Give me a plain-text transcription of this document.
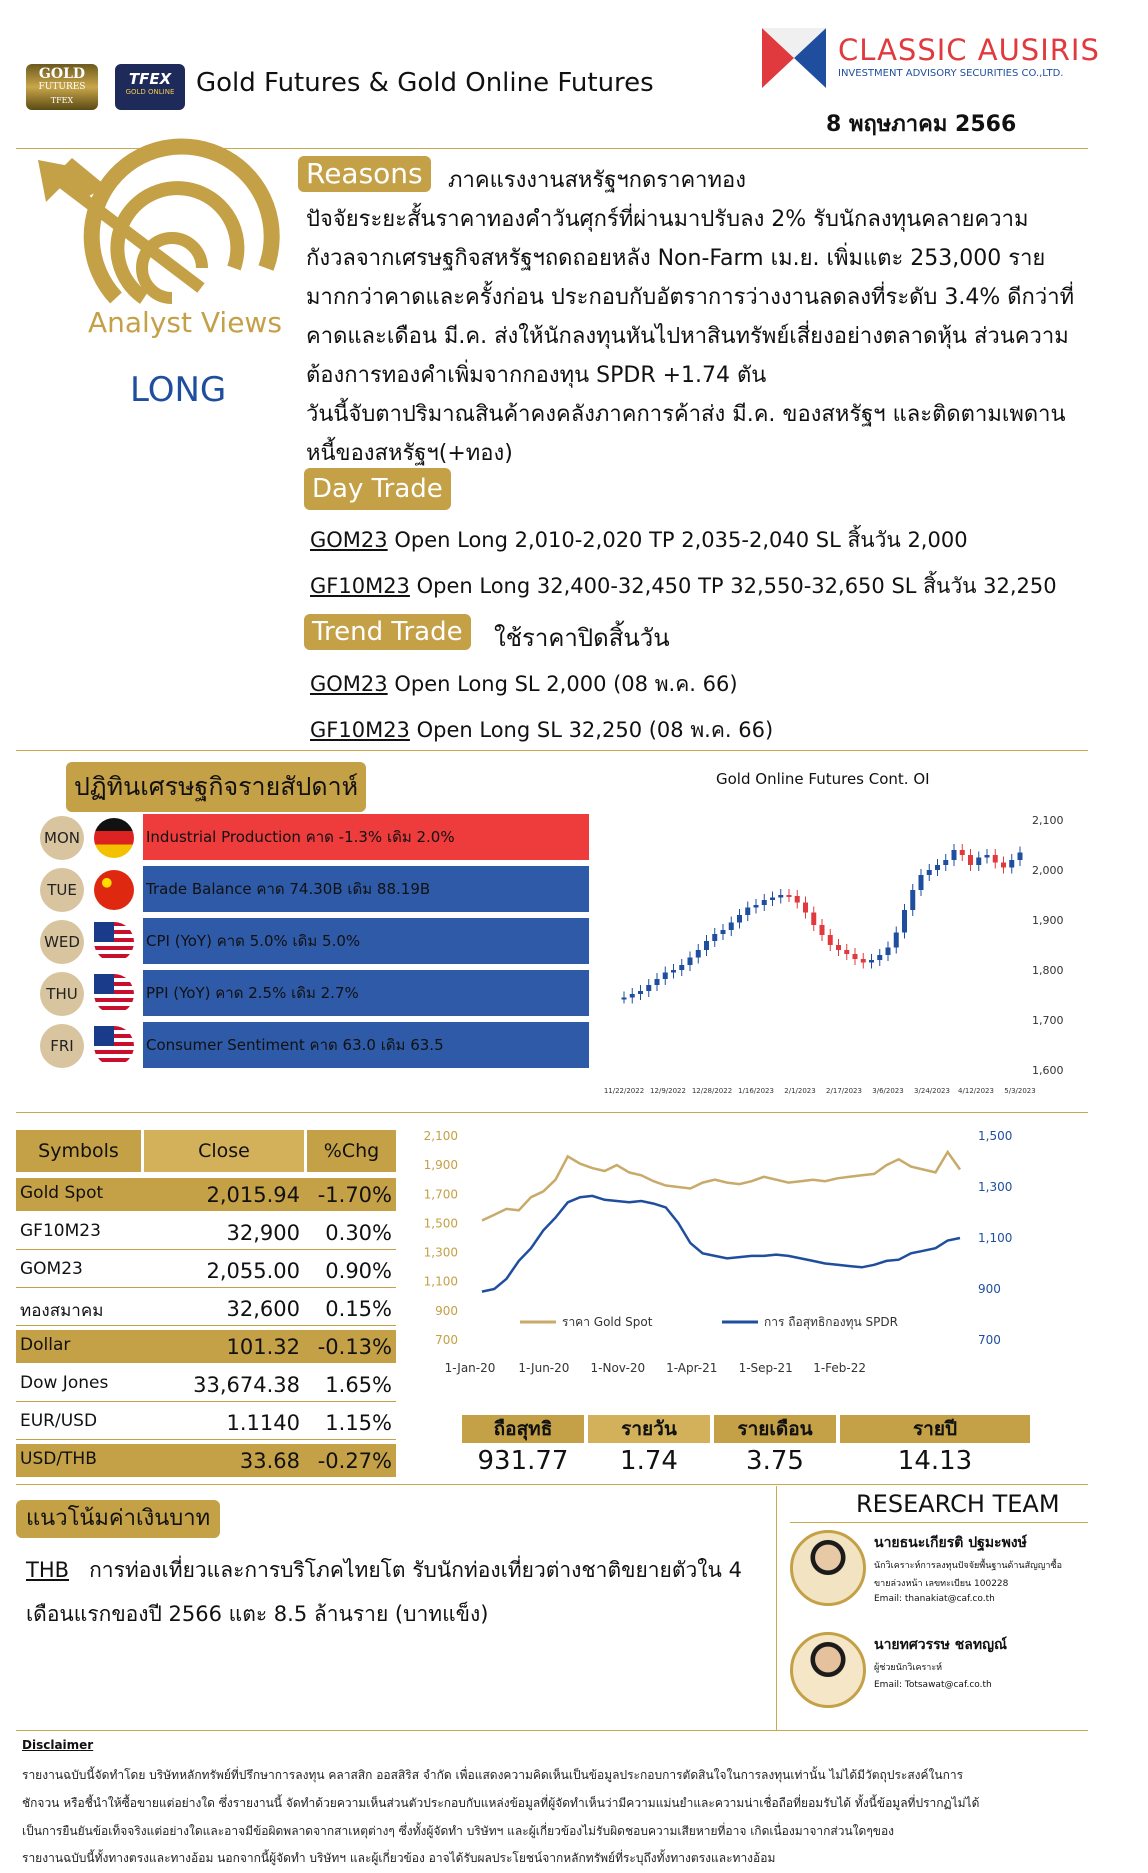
GOLD
FUTURES
TFEX
TFEX
GOLD ONLINE Gold Futures & Gold Online Futures
CLASSIC AUSIRIS
INVESTMENT ADVISORY SECURITIES CO.,LTD.
8 พฤษภาคม 2566
Analyst Views
LONG
Reasons	ภาคแรงงานสหรัฐฯกดราคาทอง
ปัจจัยระยะสั้นราคาทองคำวันศุกร์ที่ผ่านมาปรับลง 2% รับนักลงทุนคลายความ
กังวลจากเศรษฐกิจสหรัฐฯถดถอยหลัง Non-Farm เม.ย. เพิ่มแตะ 253,000 ราย
มากกว่าคาดและครั้งก่อน ประกอบกับอัตราการว่างงานลดลงที่ระดับ 3.4% ดีกว่าที่
คาดและเดือน มี.ค. ส่งให้นักลงทุนหันไปหาสินทรัพย์เสี่ยงอย่างตลาดหุ้น ส่วนความ
ต้องการทองคำเพิ่มจากกองทุน SPDR +1.74 ตัน
วันนี้จับตาปริมาณสินค้าคงคลังภาคการค้าส่ง มี.ค. ของสหรัฐฯ และติดตามเพดาน
หนี้ของสหรัฐฯ(+ทอง)
Day Trade
GOM23 Open Long 2,010-2,020 TP 2,035-2,040 SL สิ้นวัน 2,000
GF10M23 Open Long 32,400-32,450 TP 32,550-32,650 SL สิ้นวัน 32,250
Trend Trade	ใช้ราคาปิดสิ้นวัน
GOM23 Open Long SL 2,000 (08 พ.ค. 66)
GF10M23 Open Long SL 32,250 (08 พ.ค. 66)
ปฏิทินเศรษฐกิจรายสัปดาห์
MON	Industrial Production คาด -1.3% เดิม 2.0%
TUE	Trade Balance คาด 74.30B เดิม 88.19B
WED	CPI (YoY) คาด 5.0% เดิม 5.0%
THU	PPI (YoY) คาด 2.5% เดิม 2.7%
FRI	Consumer Sentiment คาด 63.0 เดิม 63.5
Gold Online Futures Cont. OI
2,100
2,000
1,900
1,800
1,700
1,600
11/22/2022 12/9/2022 12/28/2022 1/16/2023 2/1/2023 2/17/2023 3/6/2023 3/24/2023 4/12/2023 5/3/2023
Symbols	Close	%Chg
Gold Spot	2,015.94 -1.70%
GF10M23	32,900 0.30%
GOM23	2,055.00 0.90%
ทองสมาคม	32,600 0.15%
Dollar	101.32 -0.13%
Dow Jones	33,674.38 1.65%
EUR/USD	1.1140 1.15%
USD/THB	33.68 -0.27%
2,100
1,900
1,700
1,500
1,300
1,100
900
700
1,500
1,300
1,100
900
700
1-Jan-20 1-Jun-20 1-Nov-20 1-Apr-21 1-Sep-21 1-Feb-22
ราคา Gold Spot	การ ถือสุทธิกองทุน SPDR
ถือสุทธิ	รายวัน	รายเดือน	รายปี
931.77	1.74	3.75	14.13
แนวโน้มค่าเงินบาท
THB การท่องเที่ยวและการบริโภคไทยโต รับนักท่องเที่ยวต่างชาติขยายตัวใน 4
เดือนแรกของปี 2566 แตะ 8.5 ล้านราย (บาทแข็ง)
RESEARCH TEAM
นายธนะเกียรติ ปฐมะพงษ์
นักวิเคราะห์การลงทุนปัจจัยพื้นฐานด้านสัญญาซื้อ
ขายล่วงหน้า เลขทะเบียน 100228
Email: thanakiat@caf.co.th
นายทศวรรษ ชลทญณ์
ผู้ช่วยนักวิเคราะห์
Email: Totsawat@caf.co.th
Disclaimer
รายงานฉบับนี้จัดทำโดย บริษัทหลักทรัพย์ที่ปรึกษาการลงทุน คลาสสิก ออสสิริส จำกัด เพื่อแสดงความคิดเห็นเป็นข้อมูลประกอบการตัดสินใจในการลงทุนเท่านั้น ไม่ได้มีวัตถุประสงค์ในการ
ชักจวน หรือชี้นำให้ซื้อขายแต่อย่างใด ซึ่งรายงานนี้ จัดทำด้วยความเห็นส่วนตัวประกอบกับแหล่งข้อมูลที่ผู้จัดทำเห็นว่ามีความแม่นยำและความน่าเชื่อถือที่ยอมรับได้ ทั้งนี้ข้อมูลที่ปรากฏไม่ได้
เป็นการยืนยันข้อเท็จจริงแต่อย่างใดและอาจมีข้อผิดพลาดจากสาเหตุต่างๆ ซึ่งทั้งผู้จัดทำ บริษัทฯ และผู้เกี่ยวข้องไม่รับผิดชอบความเสียหายที่อาจ เกิดเนื่องมาจากส่วนใดๆของ
รายงานฉบับนี้ทั้งทางตรงและทางอ้อม นอกจากนี้ผู้จัดทำ บริษัทฯ และผู้เกี่ยวข้อง อาจได้รับผลประโยชน์จากหลักทรัพย์ที่ระบุถึงทั้งทางตรงและทางอ้อม
